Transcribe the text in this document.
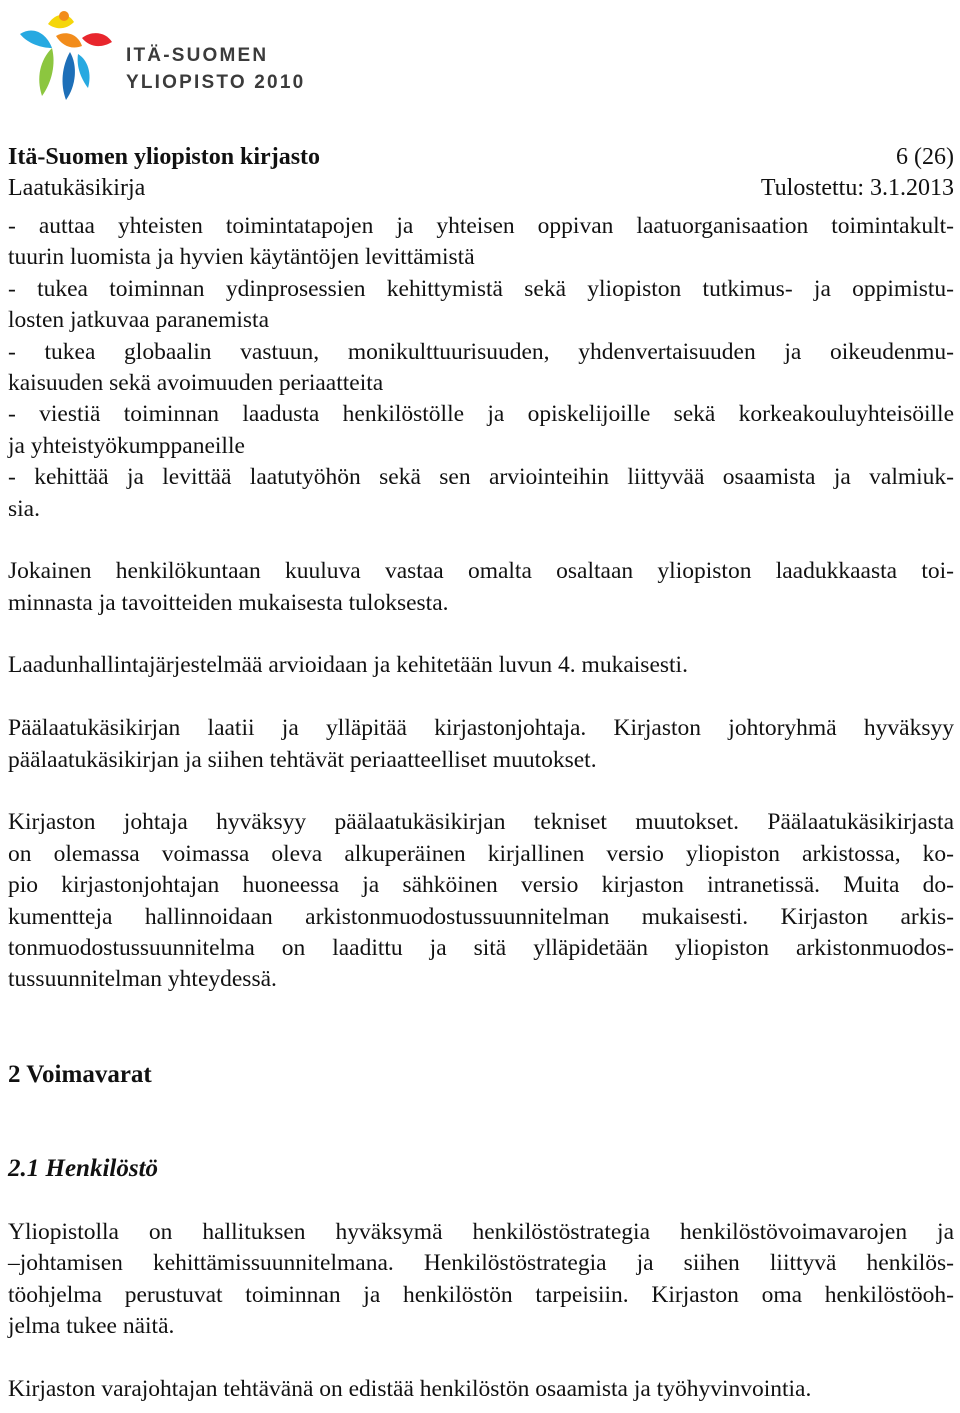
ITÄ-SUOMEN
YLIOPISTO 2010
Itä-Suomen yliopiston kirjasto	6 (26)
Laatukäsikirja	Tulostettu: 3.1.2013
- auttaa yhteisten toimintatapojen ja yhteisen oppivan laatuorganisaation toimintakult-
tuurin luomista ja hyvien käytäntöjen levittämistä
- tukea toiminnan ydinprosessien kehittymistä sekä yliopiston tutkimus- ja oppimistu-
losten jatkuvaa paranemista
- tukea globaalin vastuun, monikulttuurisuuden, yhdenvertaisuuden ja oikeudenmu-
kaisuuden sekä avoimuuden periaatteita
- viestiä toiminnan laadusta henkilöstölle ja opiskelijoille sekä korkeakouluyhteisöille
ja yhteistyökumppaneille
- kehittää ja levittää laatutyöhön sekä sen arviointeihin liittyvää osaamista ja valmiuk-
sia.
Jokainen henkilökuntaan kuuluva vastaa omalta osaltaan yliopiston laadukkaasta toi-
minnasta ja tavoitteiden mukaisesta tuloksesta.
Laadunhallintajärjestelmää arvioidaan ja kehitetään luvun 4. mukaisesti.
Päälaatukäsikirjan laatii ja ylläpitää kirjastonjohtaja. Kirjaston johtoryhmä hyväksyy
päälaatukäsikirjan ja siihen tehtävät periaatteelliset muutokset.
Kirjaston johtaja hyväksyy päälaatukäsikirjan tekniset muutokset. Päälaatukäsikirjasta
on olemassa voimassa oleva alkuperäinen kirjallinen versio yliopiston arkistossa, ko-
pio kirjastonjohtajan huoneessa ja sähköinen versio kirjaston intranetissä. Muita do-
kumentteja hallinnoidaan arkistonmuodostussuunnitelman mukaisesti. Kirjaston arkis-
tonmuodostussuunnitelma on laadittu ja sitä ylläpidetään yliopiston arkistonmuodos-
tussuunnitelman yhteydessä.
2 Voimavarat
2.1 Henkilöstö
Yliopistolla on hallituksen hyväksymä henkilöstöstrategia henkilöstövoimavarojen ja
–johtamisen kehittämissuunnitelmana. Henkilöstöstrategia ja siihen liittyvä henkilös-
töohjelma perustuvat toiminnan ja henkilöstön tarpeisiin. Kirjaston oma henkilöstöoh-
jelma tukee näitä.
Kirjaston varajohtajan tehtävänä on edistää henkilöstön osaamista ja työhyvinvointia.
